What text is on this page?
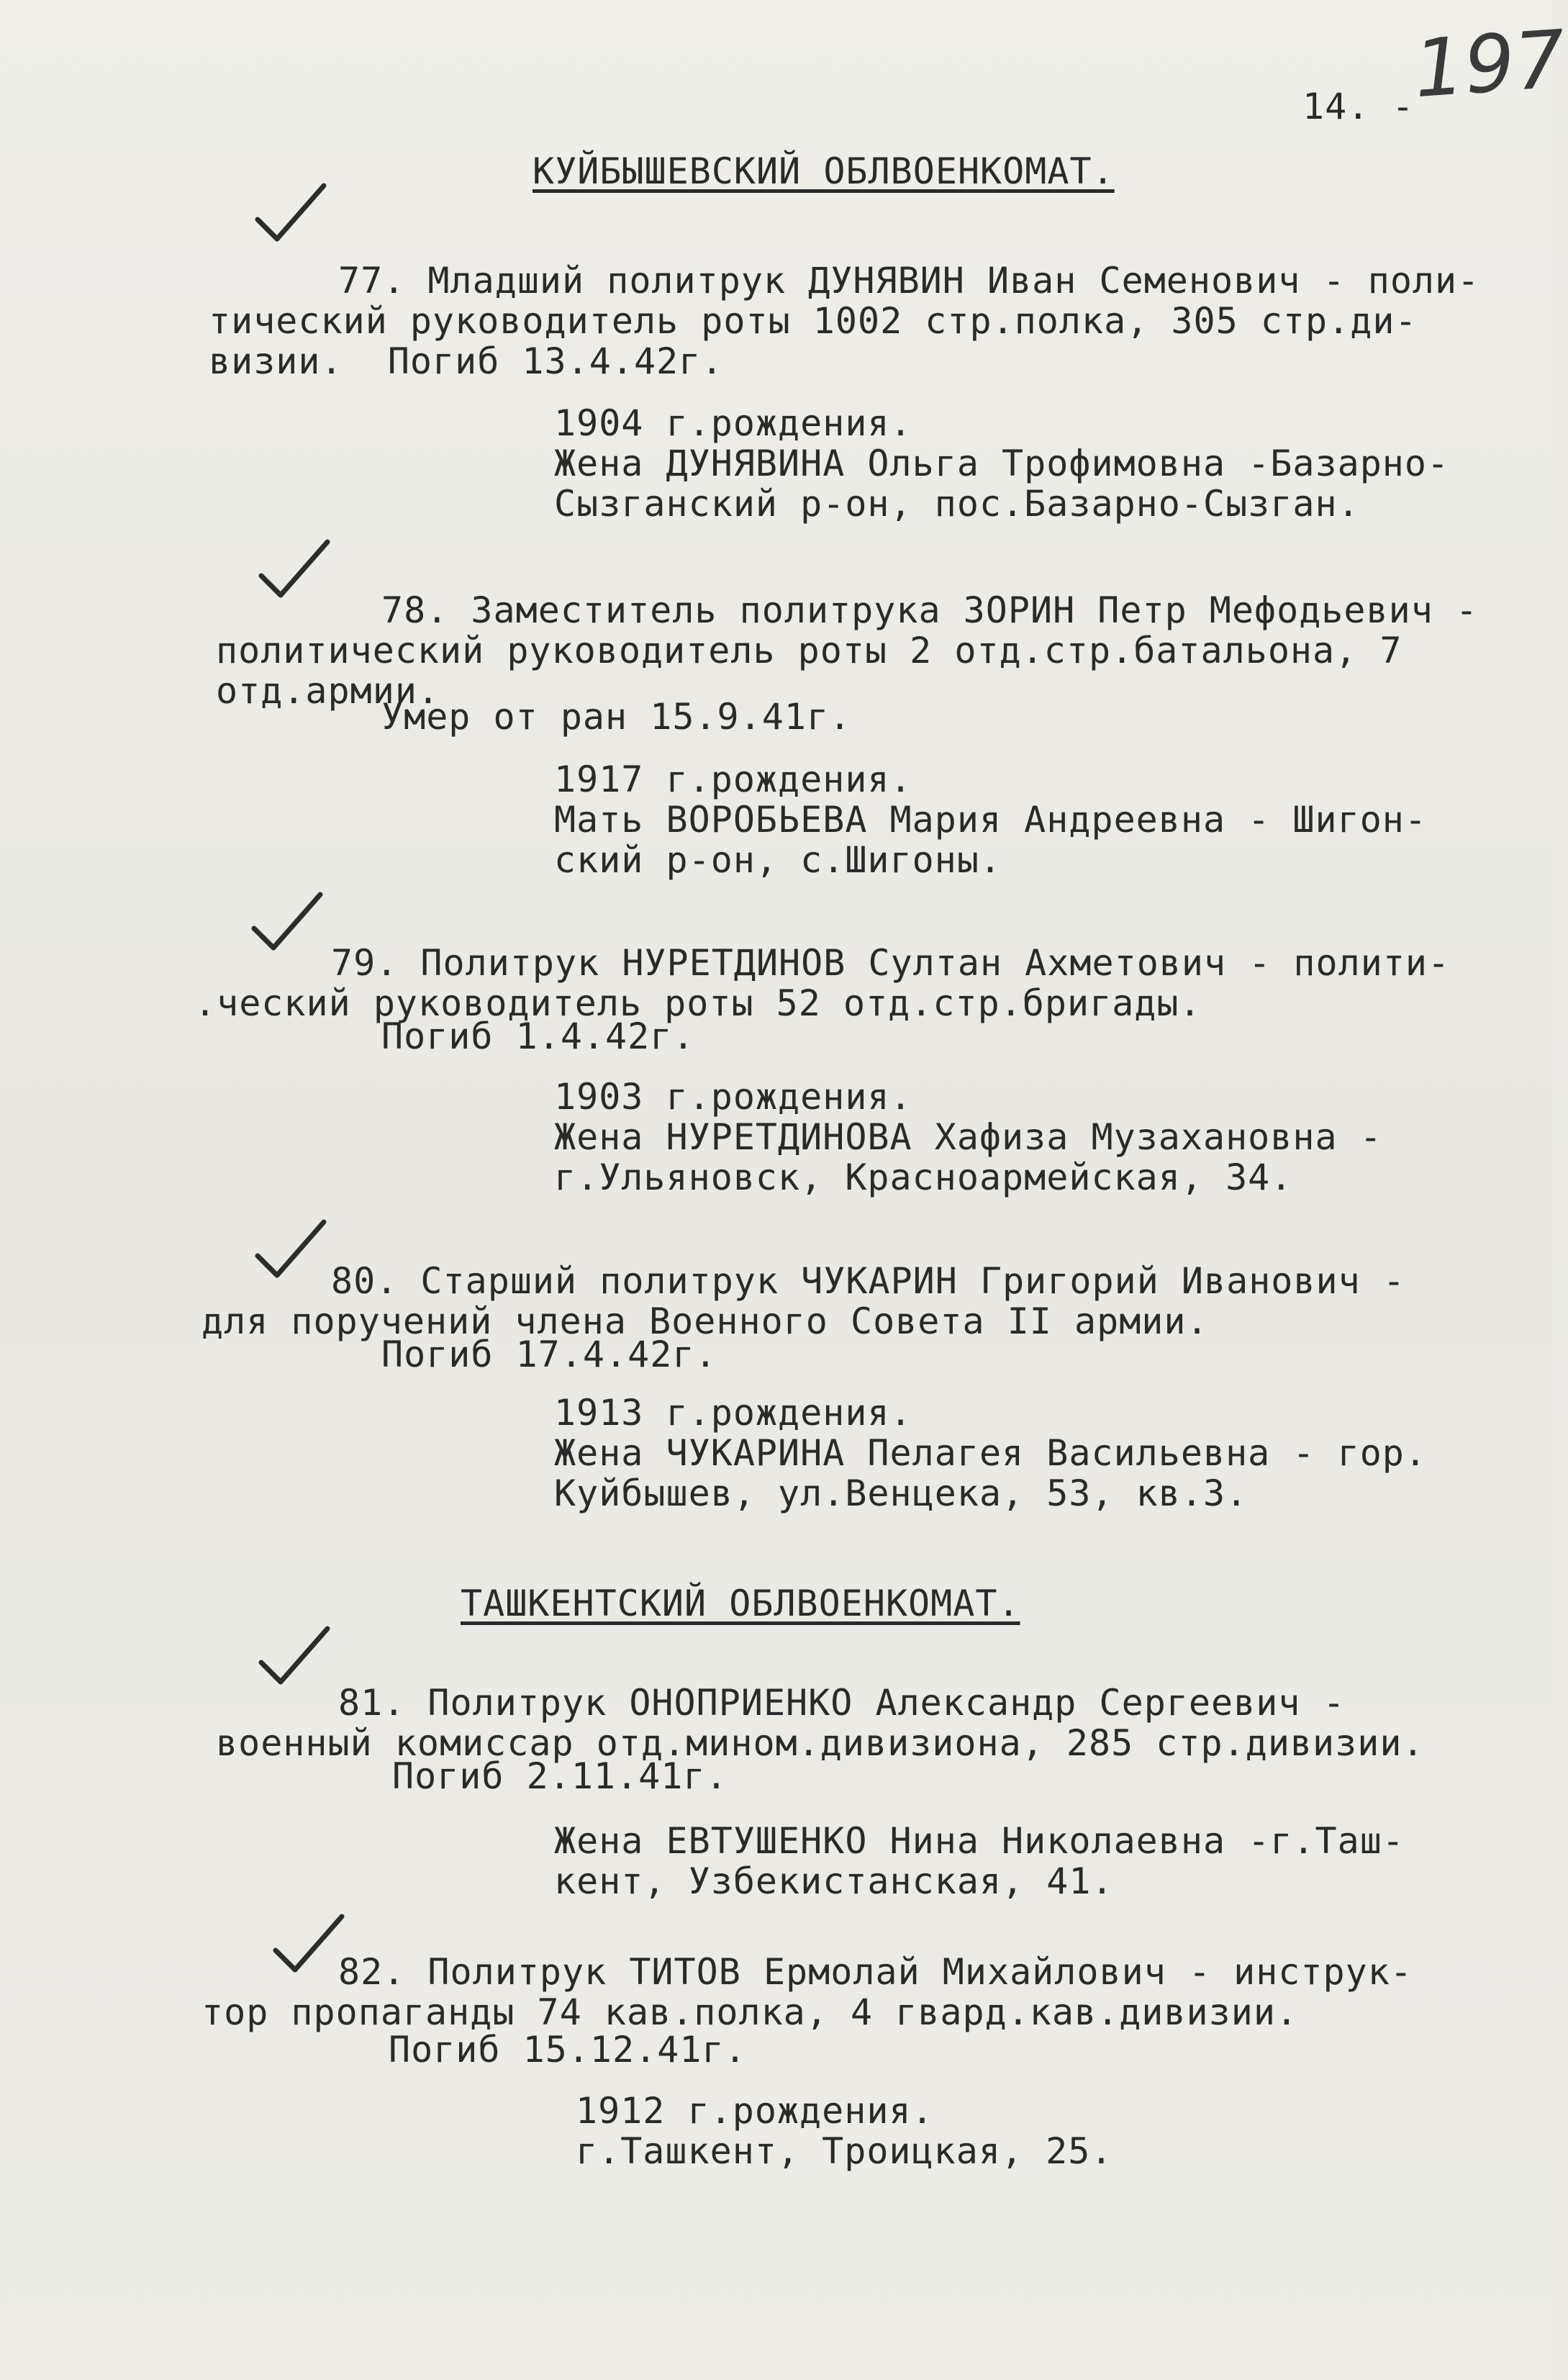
14. -
197
КУЙБЫШЕВСКИЙ ОБЛВОЕНКОМАТ.
77. Младший политрук ДУНЯВИН Иван Семенович - поли-
тический руководитель роты 1002 стр.полка, 305 стр.ди-
визии.  Погиб 13.4.42г.
1904 г.рождения.
Жена ДУНЯВИНА Ольга Трофимовна -Базарно-
Сызганский р-он, пос.Базарно-Сызган.
78. Заместитель политрука ЗОРИН Петр Мефодьевич -
политический руководитель роты 2 отд.стр.батальона, 7
отд.армии.
Умер от ран 15.9.41г.
1917 г.рождения.
Мать ВОРОБЬЕВА Мария Андреевна - Шигон-
ский р-он, с.Шигоны.
79. Политрук НУРЕТДИНОВ Султан Ахметович - полити-
.ческий руководитель роты 52 отд.стр.бригады.
Погиб 1.4.42г.
1903 г.рождения.
Жена НУРЕТДИНОВА Хафиза Музахановна -
г.Ульяновск, Красноармейская, 34.
80. Старший политрук ЧУКАРИН Григорий Иванович -
для поручений члена Военного Совета II армии.
Погиб 17.4.42г.
1913 г.рождения.
Жена ЧУКАРИНА Пелагея Васильевна - гор.
Куйбышев, ул.Венцека, 53, кв.3.
ТАШКЕНТСКИЙ ОБЛВОЕНКОМАТ.
81. Политрук ОНОПРИЕНКО Александр Сергеевич -
военный комиссар отд.мином.дивизиона, 285 стр.дивизии.
Погиб 2.11.41г.
Жена ЕВТУШЕНКО Нина Николаевна -г.Таш-
кент, Узбекистанская, 41.
82. Политрук ТИТОВ Ермолай Михайлович - инструк-
тор пропаганды 74 кав.полка, 4 гвард.кав.дивизии.
Погиб 15.12.41г.
1912 г.рождения.
г.Ташкент, Троицкая, 25.
